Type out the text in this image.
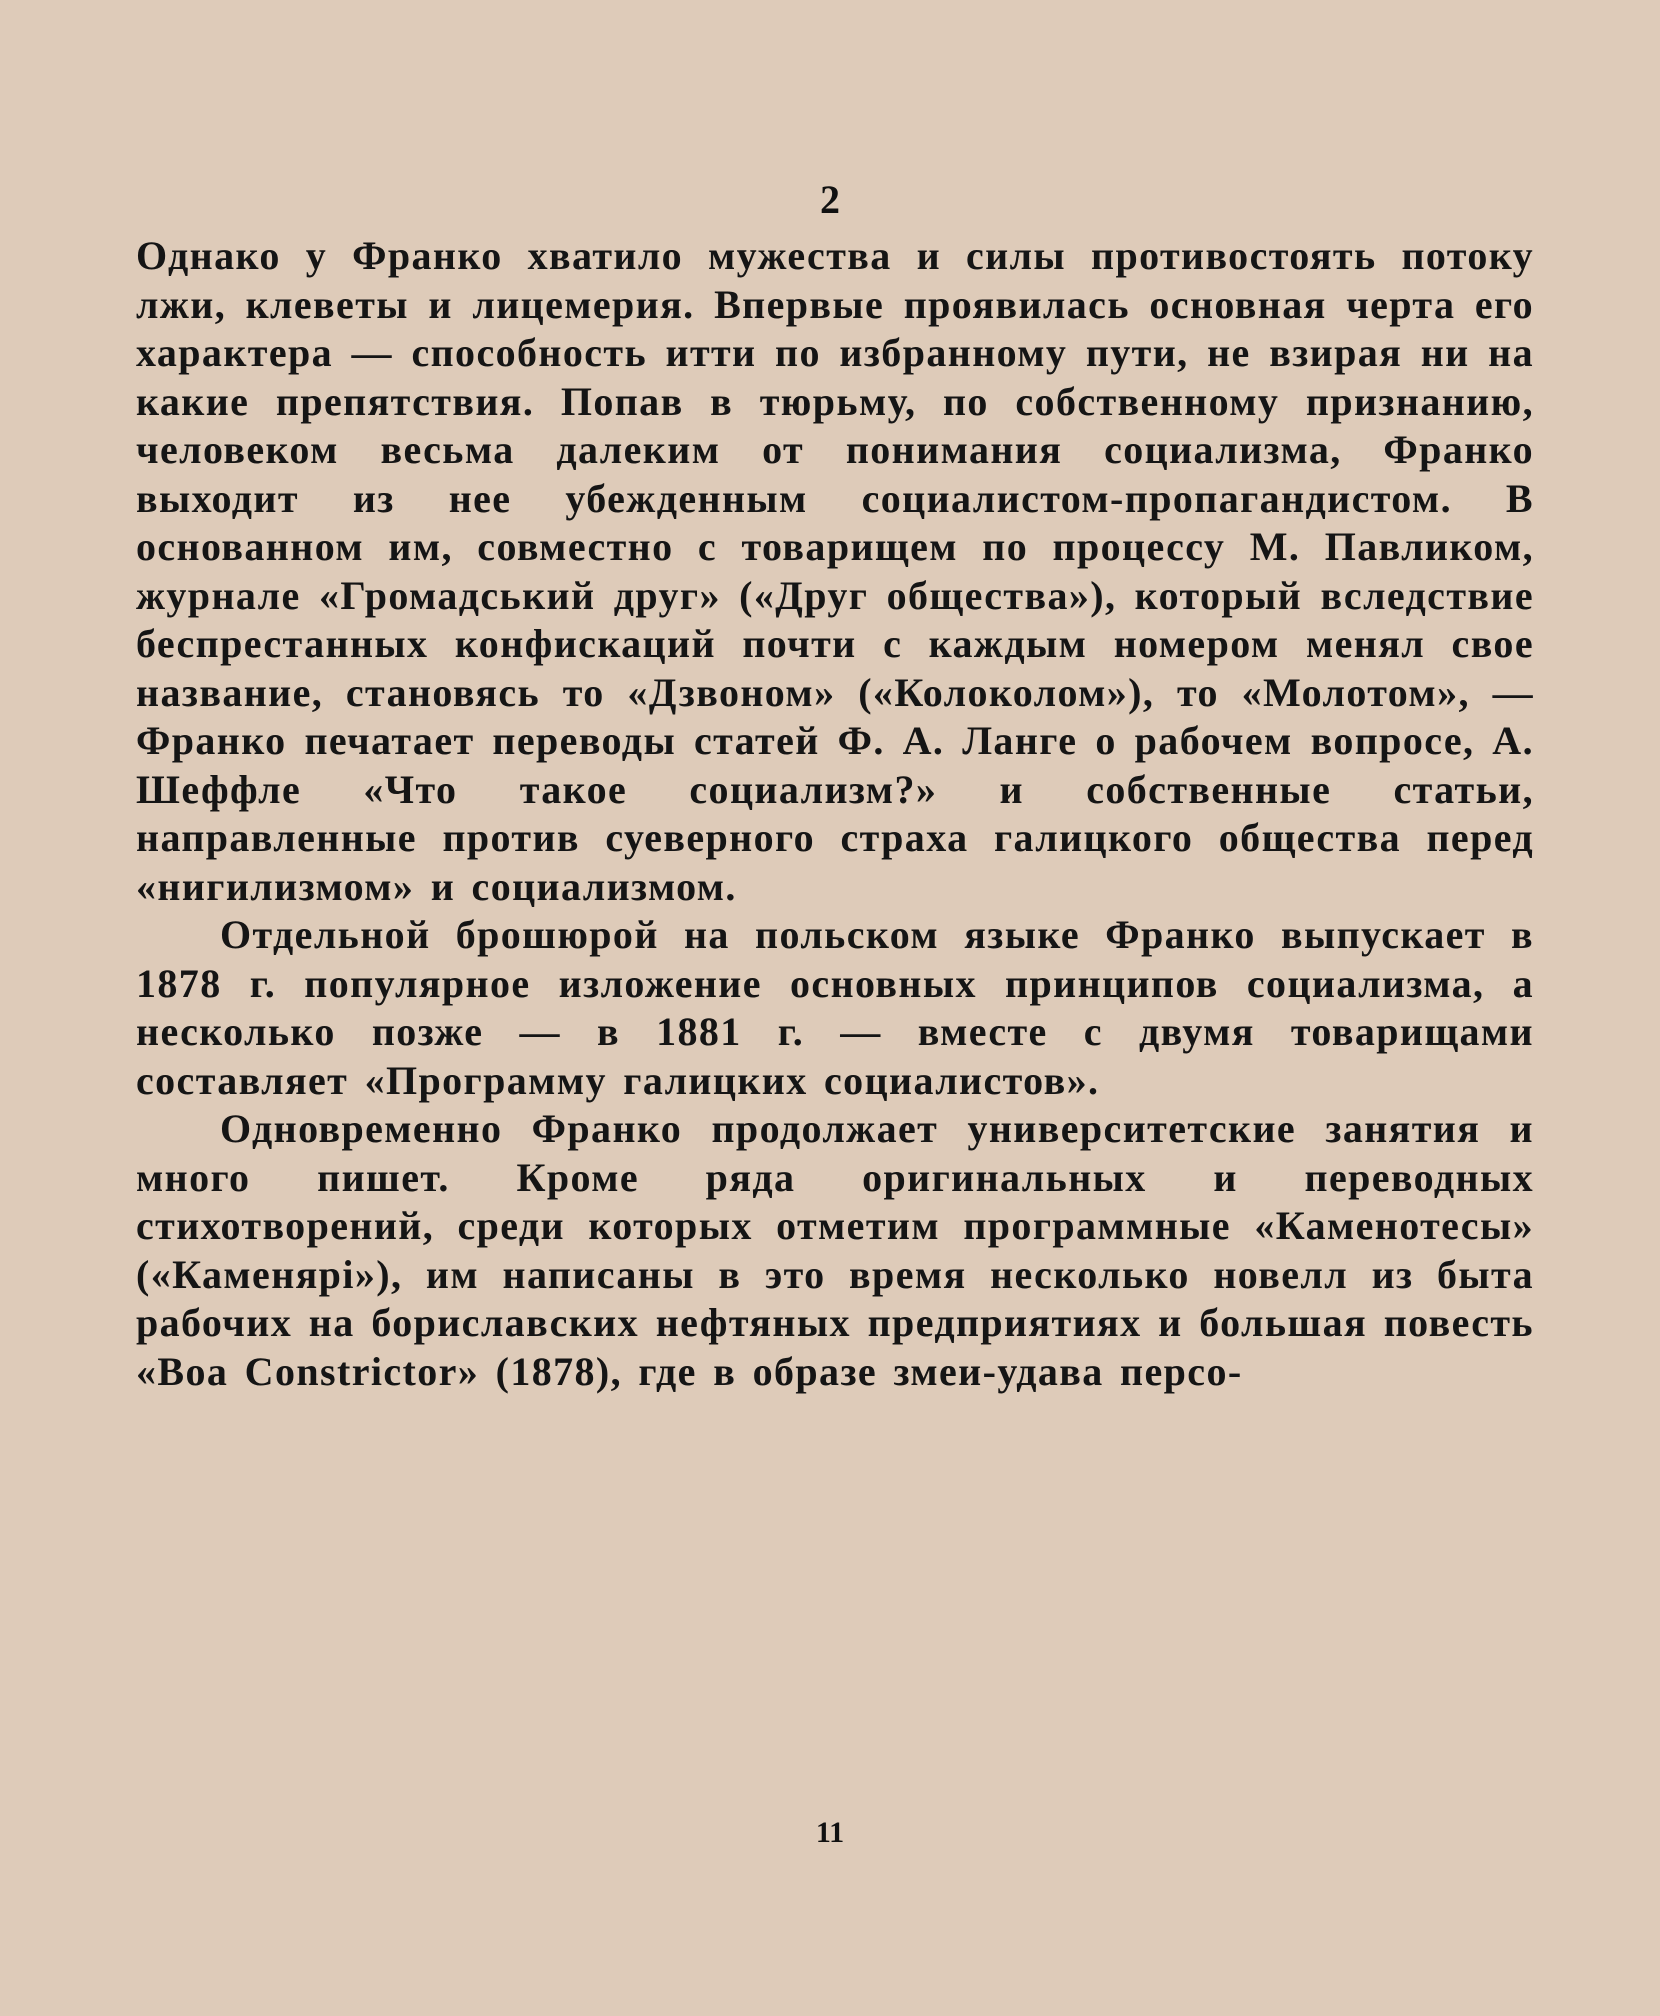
2

Однако у Франко хватило мужества и силы противостоять потоку лжи, клеветы и лицемерия. Впервые проявилась основная черта его характера — способность итти по избранному пути, не взирая ни на какие препятствия. Попав в тюрьму, по собственному признанию, человеком весьма далеким от понимания социализма, Франко выходит из нее убежденным социалистом-пропагандистом. В основанном им, совместно с товарищем по процессу М. Павликом, журнале «Громадський друг» («Друг общества»), который вследствие беспрестанных конфискаций почти с каждым номером менял свое название, становясь то «Дзвоном» («Колоколом»), то «Молотом», — Франко печатает переводы статей Ф. А. Ланге о рабочем вопросе, А. Шеффле «Что такое социализм?» и собственные статьи, направленные против суеверного страха галицкого общества перед «нигилизмом» и социализмом.

Отдельной брошюрой на польском языке Франко выпускает в 1878 г. популярное изложение основных принципов социализма, а несколько позже — в 1881 г. — вместе с двумя товарищами составляет «Программу галицких социалистов».

Одновременно Франко продолжает университетские занятия и много пишет. Кроме ряда оригинальных и переводных стихотворений, среди которых отметим программные «Каменотесы» («Каменярі»), им написаны в это время несколько новелл из быта рабочих на бориславских нефтяных предприятиях и большая повесть «Boa Constrictor» (1878), где в образе змеи-удава персо-

11
